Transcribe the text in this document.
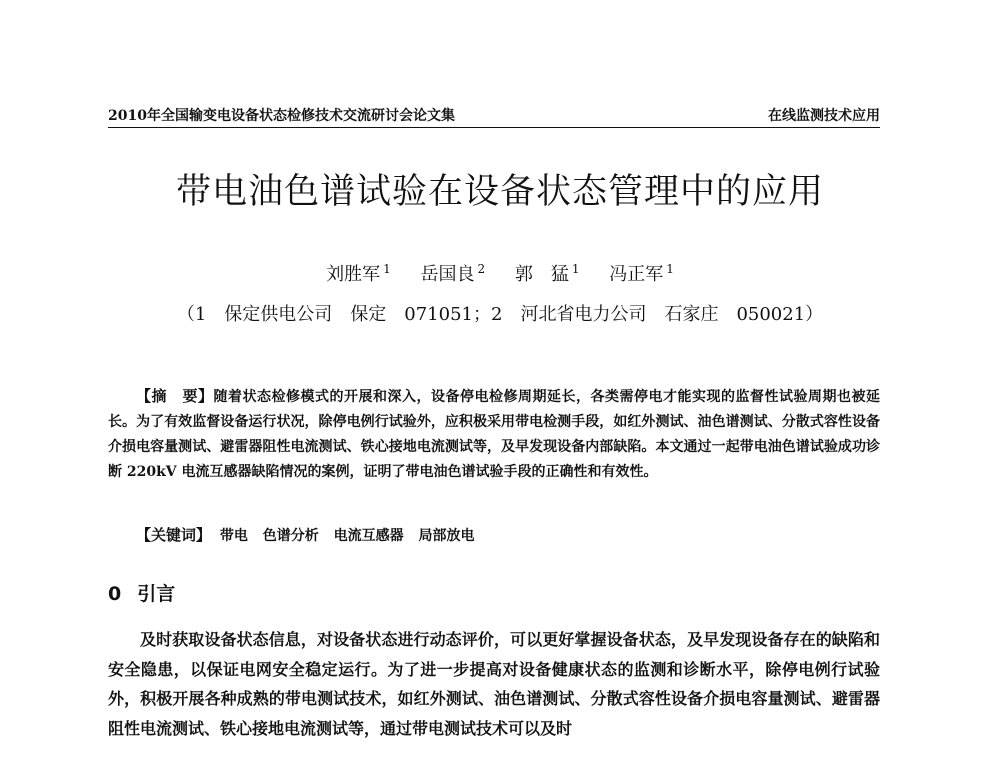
2010年全国输变电设备状态检修技术交流研讨会论文集	在线监测技术应用
带电油色谱试验在设备状态管理中的应用
刘胜军 $^1$ 岳国良 $^2$ 郭　猛 $^1$ 冯正军 $^1$
（1　保定供电公司　保定　071051；2　河北省电力公司　石家庄　050021）
【摘　要】随着状态检修模式的开展和深入，设备停电检修周期延长，各类需停电才能实现的监督性试验周期也被延长。为了有效监督设备运行状况，除停电例行试验外，应积极采用带电检测手段，如红外测试、油色谱测试、分散式容性设备介损电容量测试、避雷器阻性电流测试、铁心接地电流测试等，及早发现设备内部缺陷。本文通过一起带电油色谱试验成功诊断 220kV 电流互感器缺陷情况的案例，证明了带电油色谱试验手段的正确性和有效性。
【关键词】 带电 色谱分析 电流互感器 局部放电
0 引言
及时获取设备状态信息，对设备状态进行动态评价，可以更好掌握设备状态，及早发现设备存在的缺陷和安全隐患，以保证电网安全稳定运行。为了进一步提高对设备健康状态的监测和诊断水平，除停电例行试验外，积极开展各种成熟的带电测试技术，如红外测试、油色谱测试、分散式容性设备介损电容量测试、避雷器阻性电流测试、铁心接地电流测试等，通过带电测试技术可以及时
